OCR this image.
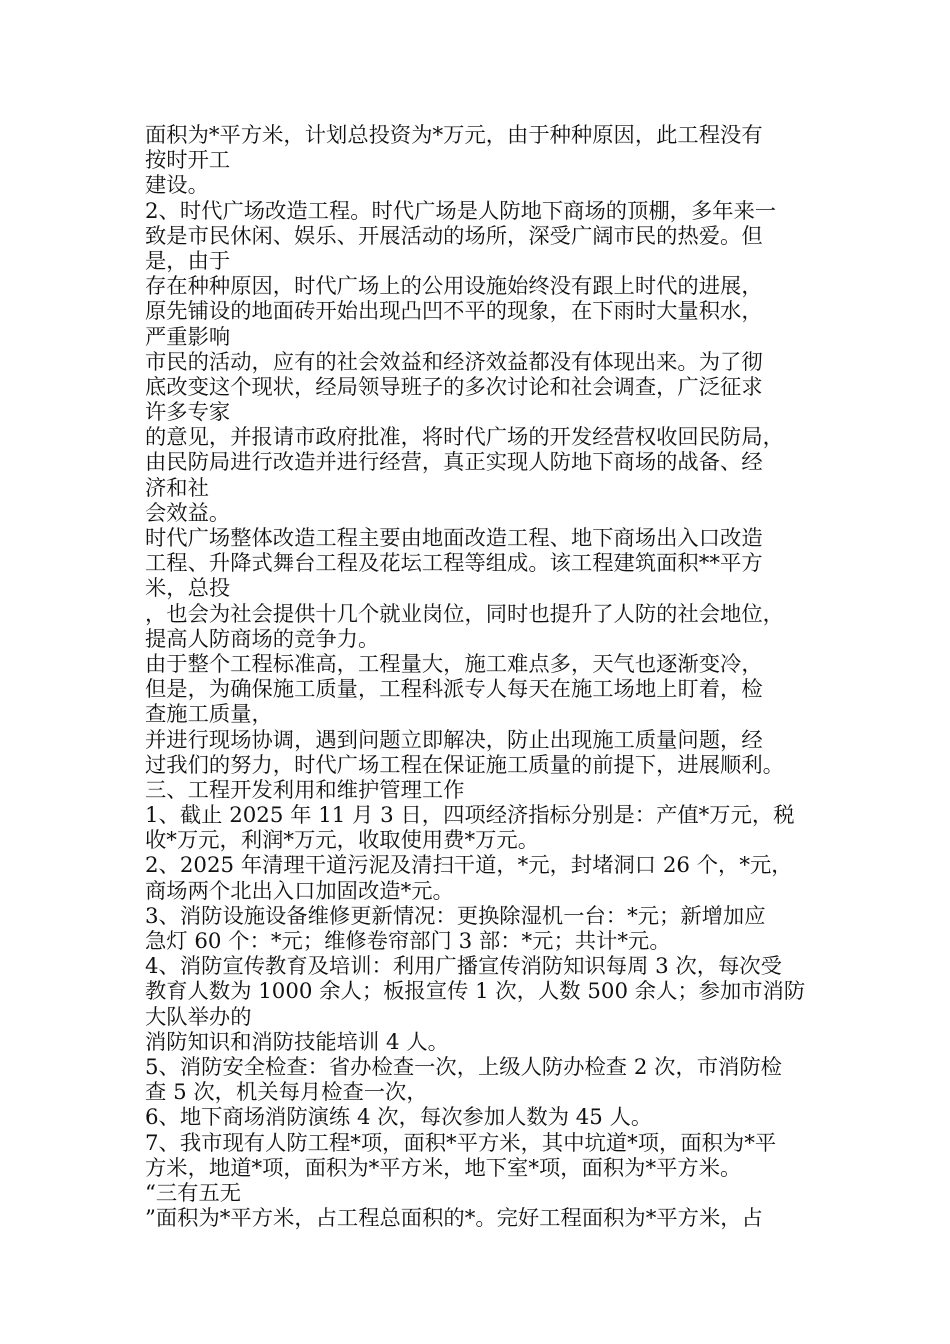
面积为*平方米，计划总投资为*万元，由于种种原因，此工程没有
按时开工
建设。
2、时代广场改造工程。时代广场是人防地下商场的顶棚，多年来一
致是市民休闲、娱乐、开展活动的场所，深受广阔市民的热爱。但
是，由于
存在种种原因，时代广场上的公用设施始终没有跟上时代的进展，
原先铺设的地面砖开始出现凸凹不平的现象，在下雨时大量积水，
严重影响
市民的活动，应有的社会效益和经济效益都没有体现出来。为了彻
底改变这个现状，经局领导班子的多次讨论和社会调查，广泛征求
许多专家
的意见，并报请市政府批准，将时代广场的开发经营权收回民防局，
由民防局进行改造并进行经营，真正实现人防地下商场的战备、经
济和社
会效益。
时代广场整体改造工程主要由地面改造工程、地下商场出入口改造
工程、升降式舞台工程及花坛工程等组成。该工程建筑面积**平方
米，总投
，也会为社会提供十几个就业岗位，同时也提升了人防的社会地位，
提高人防商场的竞争力。
由于整个工程标准高，工程量大，施工难点多，天气也逐渐变冷，
但是，为确保施工质量，工程科派专人每天在施工场地上盯着，检
查施工质量，
并进行现场协调，遇到问题立即解决，防止出现施工质量问题，经
过我们的努力，时代广场工程在保证施工质量的前提下，进展顺利。
三、工程开发利用和维护管理工作
1、截止 2025 年 11 月 3 日，四项经济指标分别是：产值*万元，税
收*万元，利润*万元，收取使用费*万元。
2、2025 年清理干道污泥及清扫干道，*元，封堵洞口 26 个，*元，
商场两个北出入口加固改造*元。
3、消防设施设备维修更新情况：更换除湿机一台：*元；新增加应
急灯 60 个：*元；维修卷帘部门 3 部：*元；共计*元。
4、消防宣传教育及培训：利用广播宣传消防知识每周 3 次，每次受
教育人数为 1000 余人；板报宣传 1 次，人数 500 余人；参加市消防
大队举办的
消防知识和消防技能培训 4 人。
5、消防安全检查：省办检查一次，上级人防办检查 2 次，市消防检
查 5 次，机关每月检查一次，
6、地下商场消防演练 4 次，每次参加人数为 45 人。
7、我市现有人防工程*项，面积*平方米，其中坑道*项，面积为*平
方米，地道*项，面积为*平方米，地下室*项，面积为*平方米。
“三有五无
”面积为*平方米，占工程总面积的*。完好工程面积为*平方米，占
